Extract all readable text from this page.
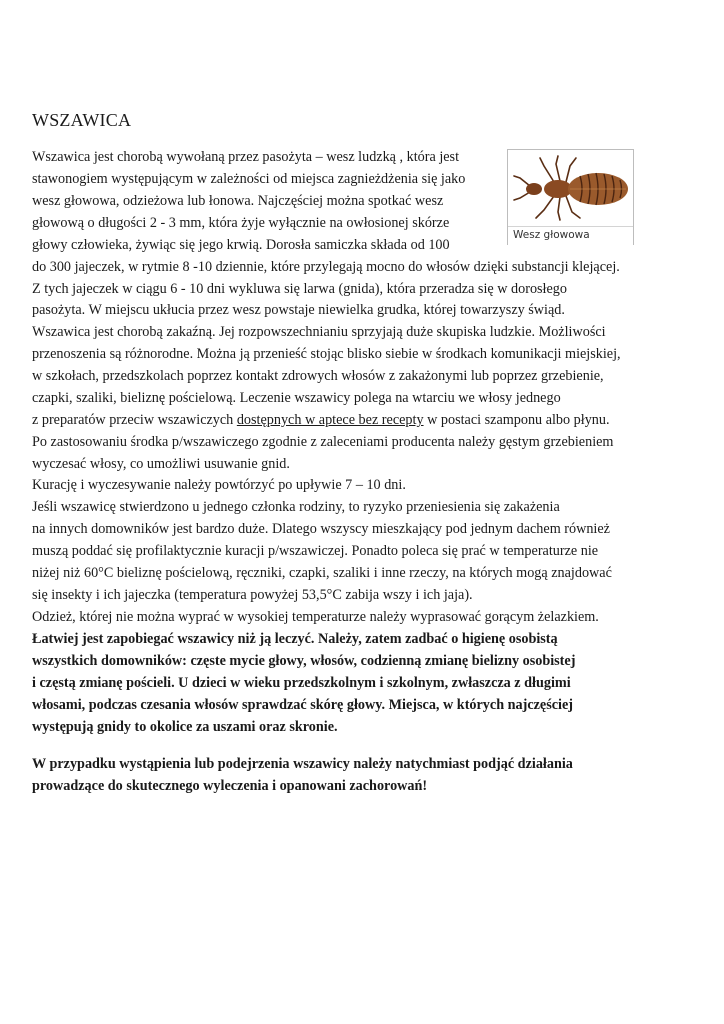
WSZAWICA
Wesz głowowa
Wszawica jest chorobą wywołaną przez pasożyta – wesz ludzką , która jest
stawonogiem występującym w zależności od miejsca zagnieżdżenia się jako
wesz głowowa, odzieżowa lub łonowa. Najczęściej można spotkać wesz
głowową o długości 2 - 3 mm, która żyje wyłącznie na owłosionej skórze
głowy człowieka, żywiąc się jego krwią. Dorosła samiczka składa od 100
do 300 jajeczek, w rytmie 8 -10 dziennie, które przylegają mocno do włosów dzięki substancji klejącej.
Z tych jajeczek w ciągu 6 - 10 dni wykluwa się larwa (gnida), która przeradza się w dorosłego
pasożyta. W miejscu ukłucia przez wesz powstaje niewielka grudka, której towarzyszy świąd.
Wszawica jest chorobą zakaźną. Jej rozpowszechnianiu sprzyjają duże skupiska ludzkie. Możliwości
przenoszenia są różnorodne. Można ją przenieść stojąc blisko siebie w środkach komunikacji miejskiej,
w szkołach, przedszkolach poprzez kontakt zdrowych włosów z zakażonymi lub poprzez grzebienie,
czapki, szaliki, bieliznę pościelową. Leczenie wszawicy polega na wtarciu we włosy jednego
z preparatów przeciw wszawiczych dostępnych w aptece bez recepty w postaci szamponu albo płynu.
Po zastosowaniu środka p/wszawiczego zgodnie z zaleceniami producenta należy gęstym grzebieniem
wyczesać włosy, co umożliwi usuwanie gnid.
Kurację i wyczesywanie należy powtórzyć po upływie 7 – 10 dni.
Jeśli wszawicę stwierdzono u jednego członka rodziny, to ryzyko przeniesienia się zakażenia
na innych domowników jest bardzo duże. Dlatego wszyscy mieszkający pod jednym dachem również
muszą poddać się profilaktycznie kuracji p/wszawiczej. Ponadto poleca się prać w temperaturze nie
niżej niż 60°C bieliznę pościelową, ręczniki, czapki, szaliki i inne rzeczy, na których mogą znajdować
się insekty i ich jajeczka (temperatura powyżej 53,5°C zabija wszy i ich jaja).
Odzież, której nie można wyprać w wysokiej temperaturze należy wyprasować gorącym żelazkiem.
Łatwiej jest zapobiegać wszawicy niż ją leczyć. Należy, zatem zadbać o higienę osobistą
wszystkich domowników: częste mycie głowy, włosów, codzienną zmianę bielizny osobistej
i częstą zmianę pościeli. U dzieci w wieku przedszkolnym i szkolnym, zwłaszcza z długimi
włosami, podczas czesania włosów sprawdzać skórę głowy. Miejsca, w których najczęściej
występują gnidy to okolice za uszami oraz skronie.
W przypadku wystąpienia lub podejrzenia wszawicy należy natychmiast podjąć działania
prowadzące do skutecznego wyleczenia i opanowani zachorowań!
